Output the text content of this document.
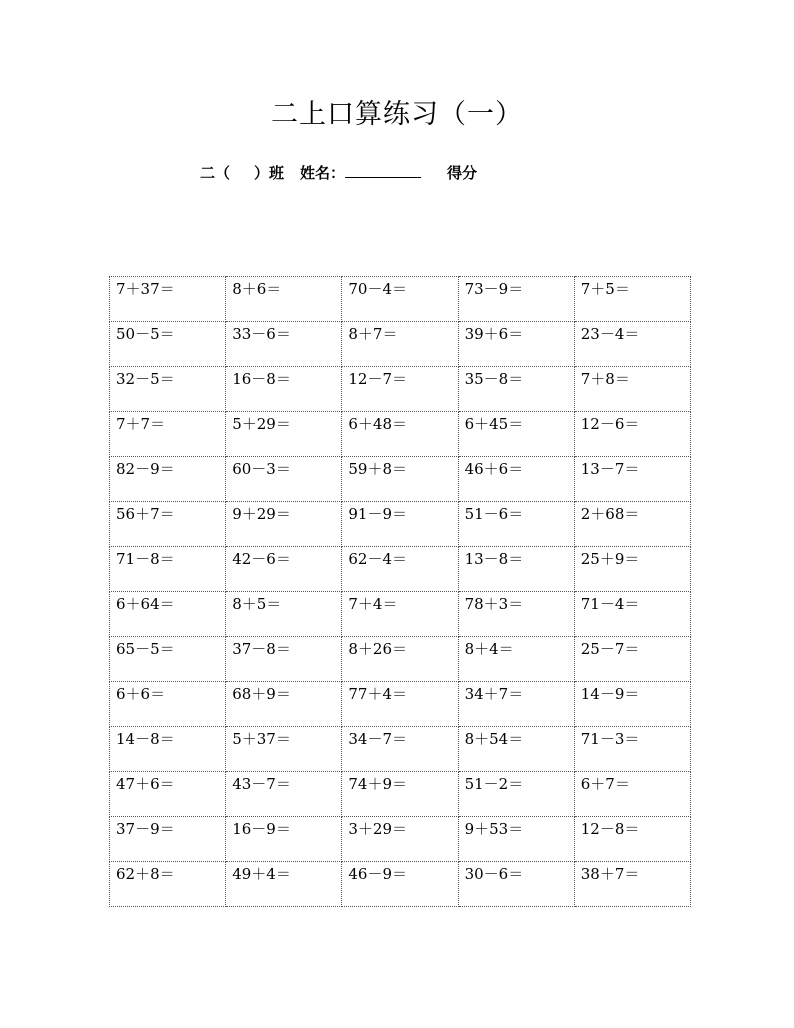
二上口算练习（一）
二（ ）班 姓名：	得分
7＋37＝	8＋6＝	70－4＝	73－9＝	7＋5＝
50－5＝	33－6＝	8＋7＝	39＋6＝	23－4＝
32－5＝	16－8＝	12－7＝	35－8＝	7＋8＝
7＋7＝	5＋29＝	6＋48＝	6＋45＝	12－6＝
82－9＝	60－3＝	59＋8＝	46＋6＝	13－7＝
56＋7＝	9＋29＝	91－9＝	51－6＝	2＋68＝
71－8＝	42－6＝	62－4＝	13－8＝	25＋9＝
6＋64＝	8＋5＝	7＋4＝	78＋3＝	71－4＝
65－5＝	37－8＝	8＋26＝	8＋4＝	25－7＝
6＋6＝	68＋9＝	77＋4＝	34＋7＝	14－9＝
14－8＝	5＋37＝	34－7＝	8＋54＝	71－3＝
47＋6＝	43－7＝	74＋9＝	51－2＝	6＋7＝
37－9＝	16－9＝	3＋29＝	9＋53＝	12－8＝
62＋8＝	49＋4＝	46－9＝	30－6＝	38＋7＝
